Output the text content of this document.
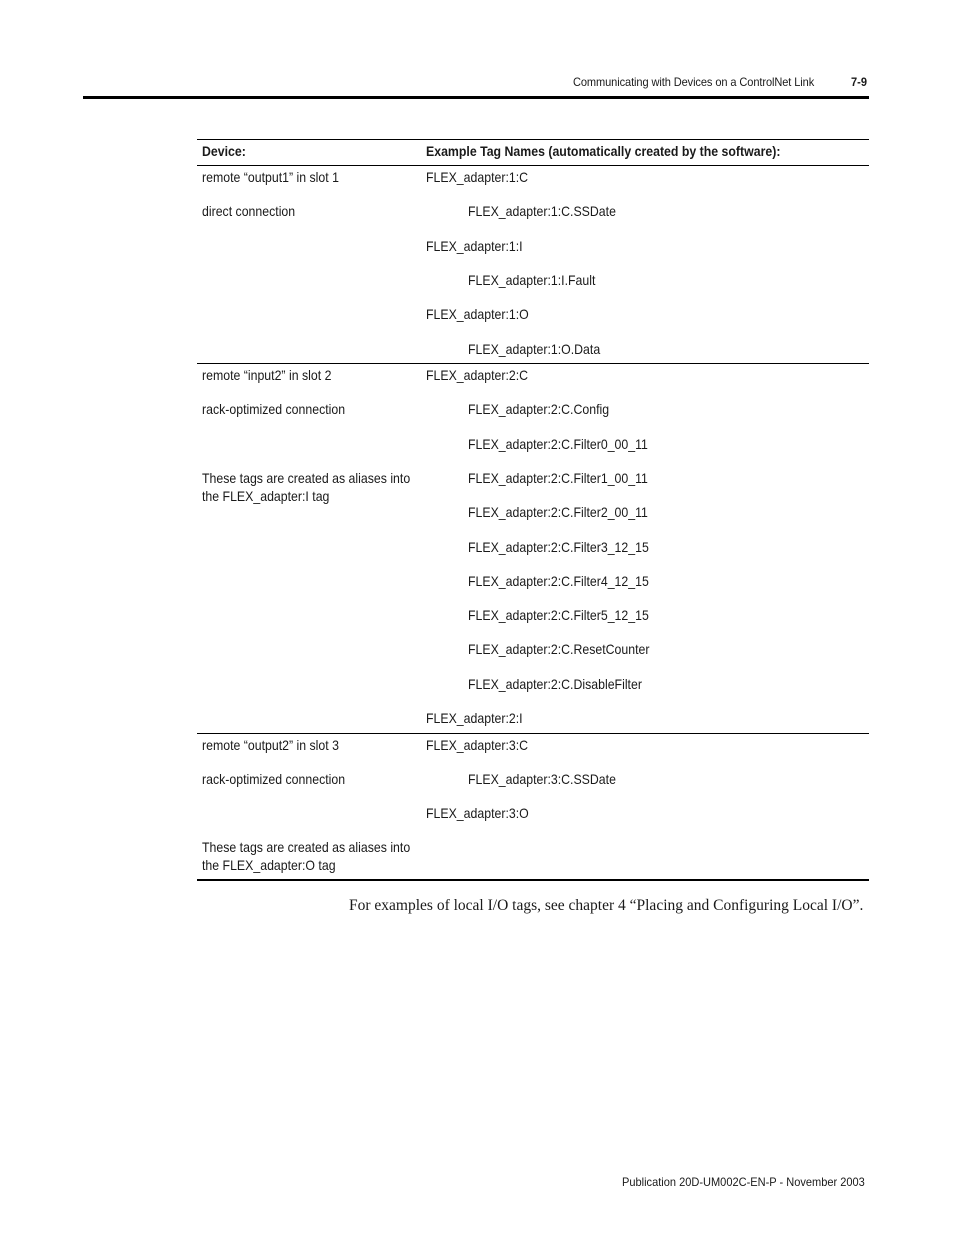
Communicating with Devices on a ControlNet Link	7-9
Device:	Example Tag Names (automatically created by the software):
remote “output1” in slot 1
direct connection
FLEX_adapter:1:C
FLEX_adapter:1:C.SSDate
FLEX_adapter:1:I
FLEX_adapter:1:I.Fault
FLEX_adapter:1:O
FLEX_adapter:1:O.Data
remote “input2” in slot 2
rack-optimized connection
These tags are created as aliases into the FLEX_adapter:I tag
FLEX_adapter:2:C
FLEX_adapter:2:C.Config
FLEX_adapter:2:C.Filter0_00_11
FLEX_adapter:2:C.Filter1_00_11
FLEX_adapter:2:C.Filter2_00_11
FLEX_adapter:2:C.Filter3_12_15
FLEX_adapter:2:C.Filter4_12_15
FLEX_adapter:2:C.Filter5_12_15
FLEX_adapter:2:C.ResetCounter
FLEX_adapter:2:C.DisableFilter
FLEX_adapter:2:I
remote “output2” in slot 3
rack-optimized connection
These tags are created as aliases into the FLEX_adapter:O tag
FLEX_adapter:3:C
FLEX_adapter:3:C.SSDate
FLEX_adapter:3:O
For examples of local I/O tags, see chapter 4 “Placing and Configuring Local I/O”.
Publication 20D-UM002C-EN-P - November 2003
